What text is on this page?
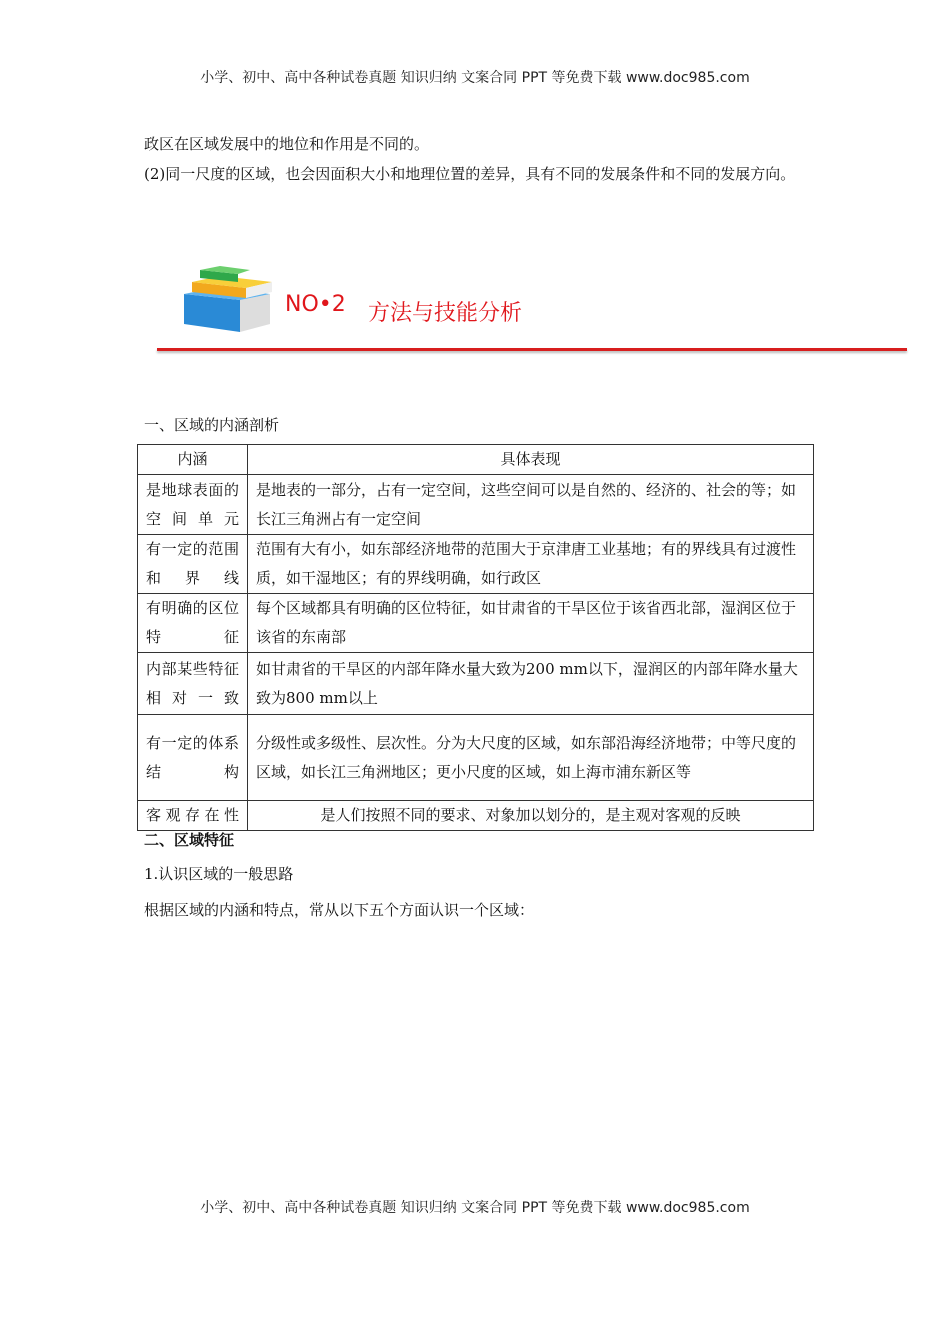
小学、初中、高中各种试卷真题 知识归纳 文案合同 PPT 等免费下载 www.doc985.com
政区在区域发展中的地位和作用是不同的。
(2)同一尺度的区域，也会因面积大小和地理位置的差异，具有不同的发展条件和不同的发展方向。
NO•2 方法与技能分析
一、区域的内涵剖析
内涵	具体表现
是地球表面的空间单元	是地表的一部分，占有一定空间，这些空间可以是自然的、经济的、社会的等；如长江三角洲占有一定空间
有一定的范围和界线	范围有大有小，如东部经济地带的范围大于京津唐工业基地；有的界线具有过渡性质，如干湿地区；有的界线明确，如行政区
有明确的区位特征	每个区域都具有明确的区位特征，如甘肃省的干旱区位于该省西北部，湿润区位于该省的东南部
内部某些特征相对一致	如甘肃省的干旱区的内部年降水量大致为200 mm以下，湿润区的内部年降水量大致为800 mm以上
有一定的体系结构	分级性或多级性、层次性。分为大尺度的区域，如东部沿海经济地带；中等尺度的区域，如长江三角洲地区；更小尺度的区域，如上海市浦东新区等
客观存在性	是人们按照不同的要求、对象加以划分的，是主观对客观的反映
二、区域特征
1.认识区域的一般思路
根据区域的内涵和特点，常从以下五个方面认识一个区域：
小学、初中、高中各种试卷真题 知识归纳 文案合同 PPT 等免费下载 www.doc985.com
